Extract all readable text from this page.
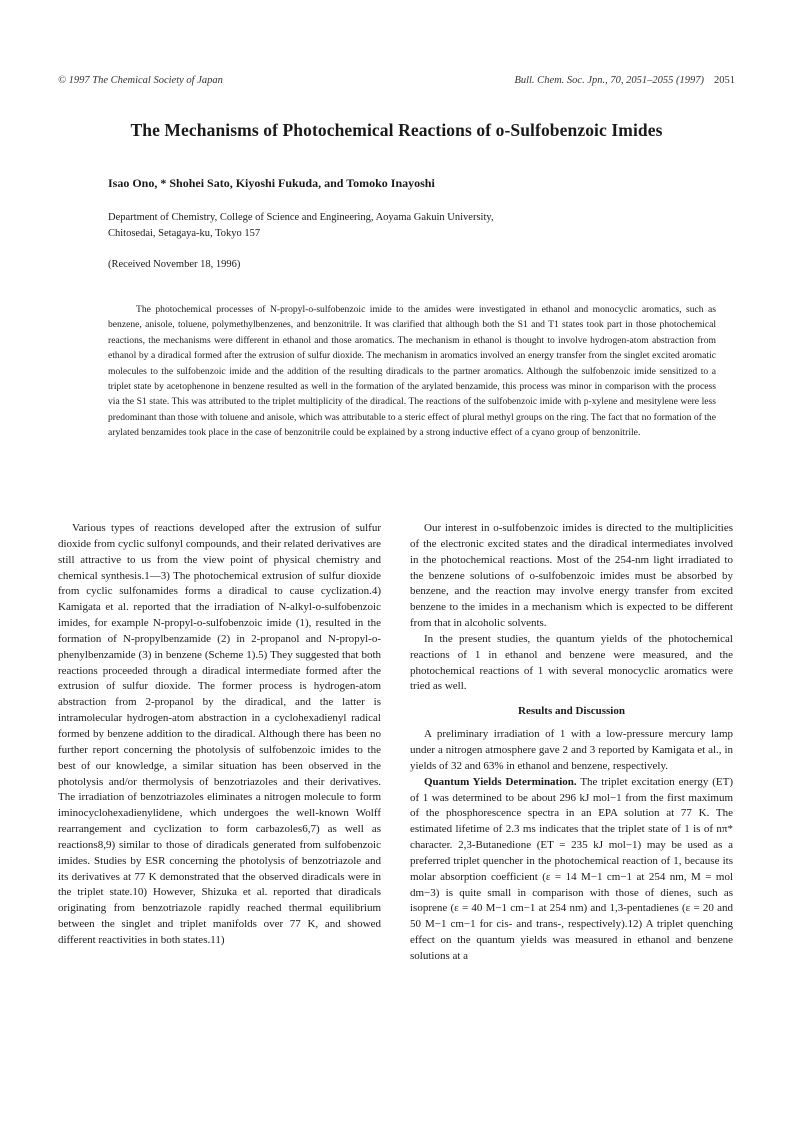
© 1997 The Chemical Society of Japan	Bull. Chem. Soc. Jpn., 70, 2051–2055 (1997) 2051
The Mechanisms of Photochemical Reactions of o-Sulfobenzoic Imides
Isao Ono, * Shohei Sato, Kiyoshi Fukuda, and Tomoko Inayoshi
Department of Chemistry, College of Science and Engineering, Aoyama Gakuin University,
Chitosedai, Setagaya-ku, Tokyo 157
(Received November 18, 1996)

The photochemical processes of N-propyl-o-sulfobenzoic imide to the amides were investigated in ethanol and monocyclic aromatics, such as benzene, anisole, toluene, polymethylbenzenes, and benzonitrile. It was clarified that although both the S1 and T1 states took part in those photochemical reactions, the mechanisms were different in ethanol and those aromatics. The mechanism in ethanol is thought to involve hydrogen-atom abstraction from ethanol by a diradical formed after the extrusion of sulfur dioxide. The mechanism in aromatics involved an energy transfer from the singlet excited aromatic molecules to the sulfobenzoic imide and the addition of the resulting diradicals to the partner aromatics. Although the sulfobenzoic imide sensitized to a triplet state by acetophenone in benzene resulted as well in the formation of the arylated benzamide, this process was minor in comparison with the process via the S1 state. This was attributed to the triplet multiplicity of the diradical. The reactions of the sulfobenzoic imide with p-xylene and mesitylene were less predominant than those with toluene and anisole, which was attributable to a steric effect of plural methyl groups on the ring. The fact that no formation of the arylated benzamides took place in the case of benzonitrile could be explained by a strong inductive effect of a cyano group of benzonitrile.

Various types of reactions developed after the extrusion of sulfur dioxide from cyclic sulfonyl compounds, and their related derivatives are still attractive to us from the view point of physical chemistry and chemical synthesis.1—3) The photochemical extrusion of sulfur dioxide from cyclic sulfonamides forms a diradical to cause cyclization.4) Kamigata et al. reported that the irradiation of N-alkyl-o-sulfobenzoic imides, for example N-propyl-o-sulfobenzoic imide (1), resulted in the formation of N-propylbenzamide (2) in 2-propanol and N-propyl-o-phenylbenzamide (3) in benzene (Scheme 1).5) They suggested that both reactions proceeded through a diradical intermediate formed after the extrusion of sulfur dioxide. The former process is hydrogen-atom abstraction from 2-propanol by the diradical, and the latter is intramolecular hydrogen-atom abstraction in a cyclohexadienyl radical formed by benzene addition to the diradical. Although there has been no further report concerning the photolysis of sulfobenzoic imides to the best of our knowledge, a similar situation has been observed in the photolysis and/or thermolysis of benzotriazoles and their derivatives. The irradiation of benzotriazoles eliminates a nitrogen molecule to form iminocyclohexadienylidene, which undergoes the well-known Wolff rearrangement and cyclization to form carbazoles6,7) as well as reactions8,9) similar to those of diradicals generated from sulfobenzoic imides. Studies by ESR concerning the photolysis of benzotriazole and its derivatives at 77 K demonstrated that the observed diradicals were in the triplet state.10) However, Shizuka et al. reported that diradicals originating from benzotriazole rapidly reached thermal equilibrium between the singlet and triplet manifolds over 77 K, and showed different reactivities in both states.11)

Our interest in o-sulfobenzoic imides is directed to the multiplicities of the electronic excited states and the diradical intermediates involved in the photochemical reactions. Most of the 254-nm light irradiated to the benzene solutions of o-sulfobenzoic imides must be absorbed by benzene, and the reaction may involve energy transfer from excited benzene to the imides in a mechanism which is expected to be different from that in alcoholic solvents.

In the present studies, the quantum yields of the photochemical reactions of 1 in ethanol and benzene were measured, and the photochemical reactions of 1 with several monocyclic aromatics were tried as well.

Results and Discussion

A preliminary irradiation of 1 with a low-pressure mercury lamp under a nitrogen atmosphere gave 2 and 3 reported by Kamigata et al., in yields of 32 and 63% in ethanol and benzene, respectively.

Quantum Yields Determination. The triplet excitation energy (ET) of 1 was determined to be about 296 kJ mol−1 from the first maximum of the phosphorescence spectra in an EPA solution at 77 K. The estimated lifetime of 2.3 ms indicates that the triplet state of 1 is of nπ* character. 2,3-Butanedione (ET = 235 kJ mol−1) may be used as a preferred triplet quencher in the photochemical reaction of 1, because its molar absorption coefficient (ε = 14 M−1 cm−1 at 254 nm, M = mol dm−3) is quite small in comparison with those of dienes, such as isoprene (ε = 40 M−1 cm−1 at 254 nm) and 1,3-pentadienes (ε = 20 and 50 M−1 cm−1 for cis- and trans-, respectively).12) A triplet quenching effect on the quantum yields was measured in ethanol and benzene solutions at a
